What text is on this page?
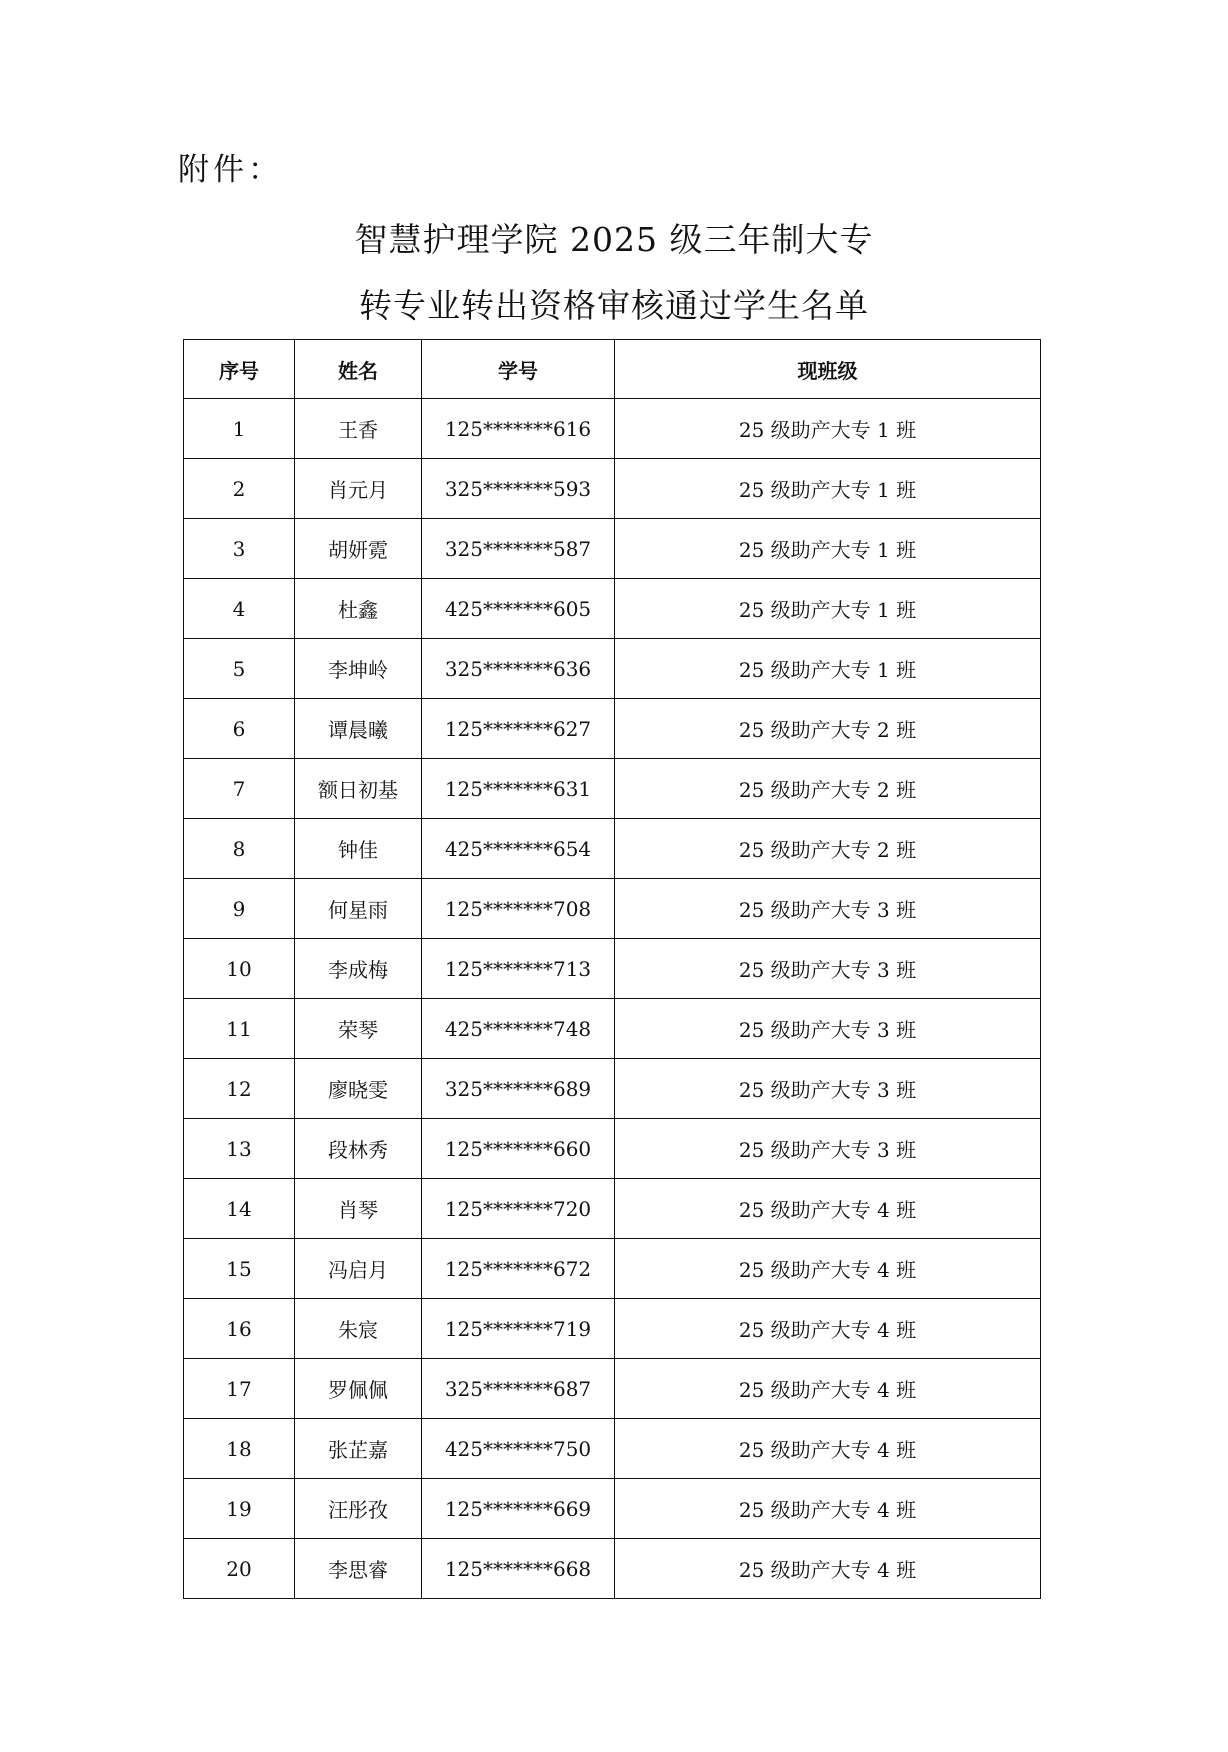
附件：
智慧护理学院 2025 级三年制大专
转专业转出资格审核通过学生名单
序号	姓名	学号	现班级
1	王香	125*******616	25 级助产大专 1 班
2	肖元月	325*******593	25 级助产大专 1 班
3	胡妍霓	325*******587	25 级助产大专 1 班
4	杜鑫	425*******605	25 级助产大专 1 班
5	李坤岭	325*******636	25 级助产大专 1 班
6	谭晨曦	125*******627	25 级助产大专 2 班
7	额日初基	125*******631	25 级助产大专 2 班
8	钟佳	425*******654	25 级助产大专 2 班
9	何星雨	125*******708	25 级助产大专 3 班
10	李成梅	125*******713	25 级助产大专 3 班
11	荣琴	425*******748	25 级助产大专 3 班
12	廖晓雯	325*******689	25 级助产大专 3 班
13	段林秀	125*******660	25 级助产大专 3 班
14	肖琴	125*******720	25 级助产大专 4 班
15	冯启月	125*******672	25 级助产大专 4 班
16	朱宸	125*******719	25 级助产大专 4 班
17	罗佩佩	325*******687	25 级助产大专 4 班
18	张芷嘉	425*******750	25 级助产大专 4 班
19	汪彤孜	125*******669	25 级助产大专 4 班
20	李思睿	125*******668	25 级助产大专 4 班
